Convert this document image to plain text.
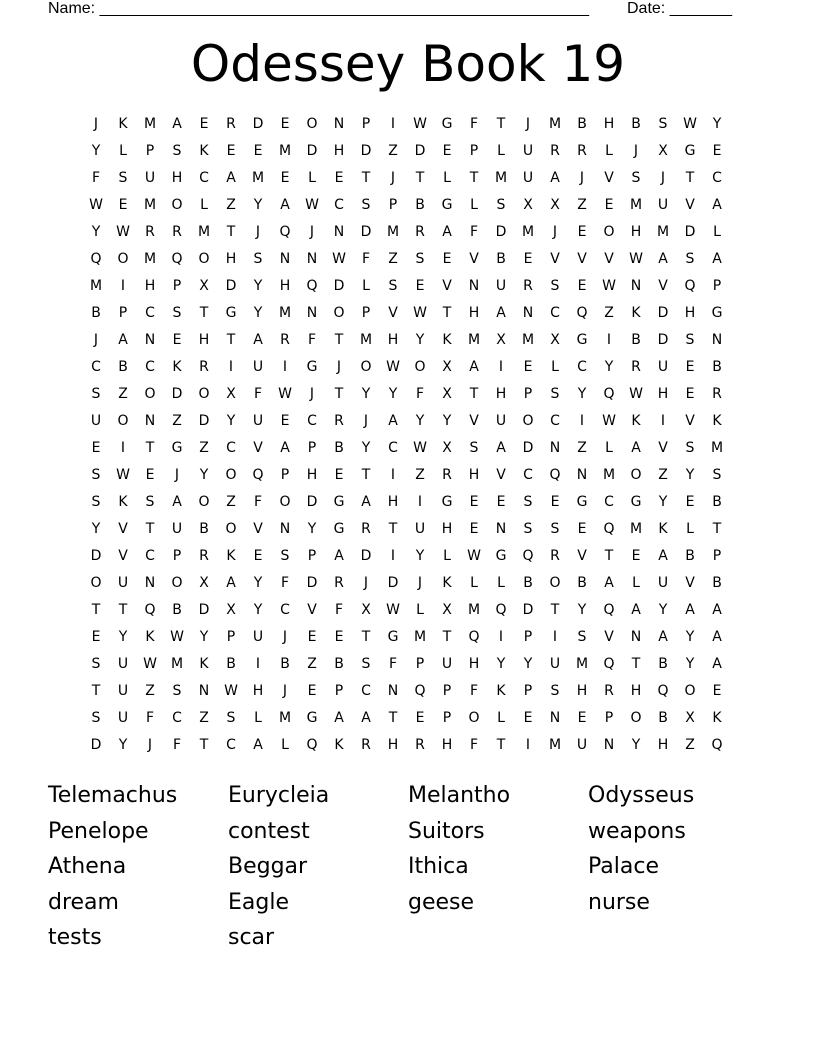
Name: _______________________________________________________ Date: _______
Odessey Book 19
J	K	M	A	E	R	D	E	O	N	P	I	W	G	F	T	J	M	B	H	B	S	W	Y
Y	L	P	S	K	E	E	M	D	H	D	Z	D	E	P	L	U	R	R	L	J	X	G	E
F	S	U	H	C	A	M	E	L	E	T	J	T	L	T	M	U	A	J	V	S	J	T	C
W	E	M	O	L	Z	Y	A	W	C	S	P	B	G	L	S	X	X	Z	E	M	U	V	A
Y	W	R	R	M	T	J	Q	J	N	D	M	R	A	F	D	M	J	E	O	H	M	D	L
Q	O	M	Q	O	H	S	N	N	W	F	Z	S	E	V	B	E	V	V	V	W	A	S	A
M	I	H	P	X	D	Y	H	Q	D	L	S	E	V	N	U	R	S	E	W	N	V	Q	P
B	P	C	S	T	G	Y	M	N	O	P	V	W	T	H	A	N	C	Q	Z	K	D	H	G
J	A	N	E	H	T	A	R	F	T	M	H	Y	K	M	X	M	X	G	I	B	D	S	N
C	B	C	K	R	I	U	I	G	J	O	W	O	X	A	I	E	L	C	Y	R	U	E	B
S	Z	O	D	O	X	F	W	J	T	Y	Y	F	X	T	H	P	S	Y	Q	W	H	E	R
U	O	N	Z	D	Y	U	E	C	R	J	A	Y	Y	V	U	O	C	I	W	K	I	V	K
E	I	T	G	Z	C	V	A	P	B	Y	C	W	X	S	A	D	N	Z	L	A	V	S	M
S	W	E	J	Y	O	Q	P	H	E	T	I	Z	R	H	V	C	Q	N	M	O	Z	Y	S
S	K	S	A	O	Z	F	O	D	G	A	H	I	G	E	E	S	E	G	C	G	Y	E	B
Y	V	T	U	B	O	V	N	Y	G	R	T	U	H	E	N	S	S	E	Q	M	K	L	T
D	V	C	P	R	K	E	S	P	A	D	I	Y	L	W	G	Q	R	V	T	E	A	B	P
O	U	N	O	X	A	Y	F	D	R	J	D	J	K	L	L	B	O	B	A	L	U	V	B
T	T	Q	B	D	X	Y	C	V	F	X	W	L	X	M	Q	D	T	Y	Q	A	Y	A	A
E	Y	K	W	Y	P	U	J	E	E	T	G	M	T	Q	I	P	I	S	V	N	A	Y	A
S	U	W	M	K	B	I	B	Z	B	S	F	P	U	H	Y	Y	U	M	Q	T	B	Y	A
T	U	Z	S	N	W	H	J	E	P	C	N	Q	P	F	K	P	S	H	R	H	Q	O	E
S	U	F	C	Z	S	L	M	G	A	A	T	E	P	O	L	E	N	E	P	O	B	X	K
D	Y	J	F	T	C	A	L	Q	K	R	H	R	H	F	T	I	M	U	N	Y	H	Z	Q
Telemachus Eurycleia	Melantho	Odysseus
Penelope	contest	Suitors	weapons
Athena	Beggar	Ithica	Palace
dream	Eagle	geese	nurse
tests	scar
